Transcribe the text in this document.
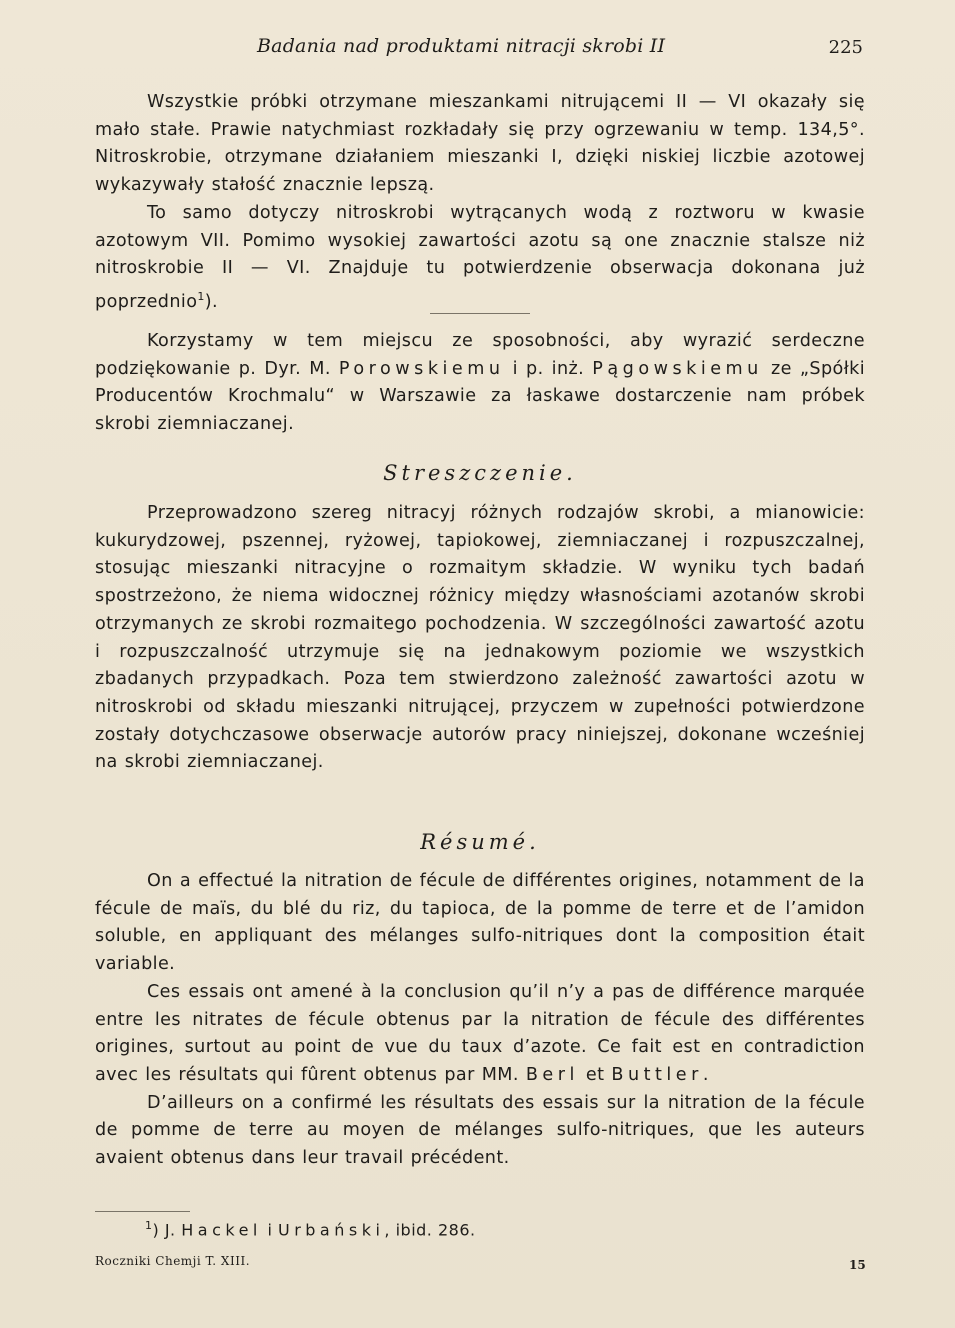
Badania nad produktami nitracji skrobi II	225

Wszystkie próbki otrzymane mieszankami nitrującemi II — VI okazały się mało stałe. Prawie natychmiast rozkładały się przy ogrzewaniu w temp. 134,5°. Nitroskrobie, otrzymane działaniem mieszanki I, dzięki niskiej liczbie azotowej wykazywały stałość znacznie lepszą.

To samo dotyczy nitroskrobi wytrącanych wodą z roztworu w kwasie azotowym VII. Pomimo wysokiej zawartości azotu są one znacznie stalsze niż nitroskrobie II — VI. Znajduje tu potwierdzenie obserwacja dokonana już poprzednio$^1$).

Korzystamy w tem miejscu ze sposobności, aby wyrazić serdeczne podziękowanie p. Dyr. M. Porowskiemu i p. inż. Pągowskiemu ze „Spółki Producentów Krochmalu“ w Warszawie za łaskawe dostarczenie nam próbek skrobi ziemniaczanej.

Streszczenie.

Przeprowadzono szereg nitracyj różnych rodzajów skrobi, a mianowicie: kukurydzowej, pszennej, ryżowej, tapiokowej, ziemniaczanej i rozpuszczalnej, stosując mieszanki nitracyjne o rozmaitym składzie. W wyniku tych badań spostrzeżono, że niema widocznej różnicy między własnościami azotanów skrobi otrzymanych ze skrobi rozmaitego pochodzenia. W szczególności zawartość azotu i rozpuszczalność utrzymuje się na jednakowym poziomie we wszystkich zbadanych przypadkach. Poza tem stwierdzono zależność zawartości azotu w nitroskrobi od składu mieszanki nitrującej, przyczem w zupełności potwierdzone zostały dotychczasowe obserwacje autorów pracy niniejszej, dokonane wcześniej na skrobi ziemniaczanej.

Résumé.

On a effectué la nitration de fécule de différentes origines, notamment de la fécule de maïs, du blé du riz, du tapioca, de la pomme de terre et de l’amidon soluble, en appliquant des mélanges sulfo-nitriques dont la composition était variable.

Ces essais ont amené à la conclusion qu’il n’y a pas de différence marquée entre les nitrates de fécule obtenus par la nitration de fécule des différentes origines, surtout au point de vue du taux d’azote. Ce fait est en contradiction avec les résultats qui fûrent obtenus par MM. Berl et Buttler.

D’ailleurs on a confirmé les résultats des essais sur la nitration de la fécule de pomme de terre au moyen de mélanges sulfo-nitriques, que les auteurs avaient obtenus dans leur travail précédent.

$^1$) J. Hackel i Urbański, ibid. 286.
Roczniki Chemji T. XIII.	15
